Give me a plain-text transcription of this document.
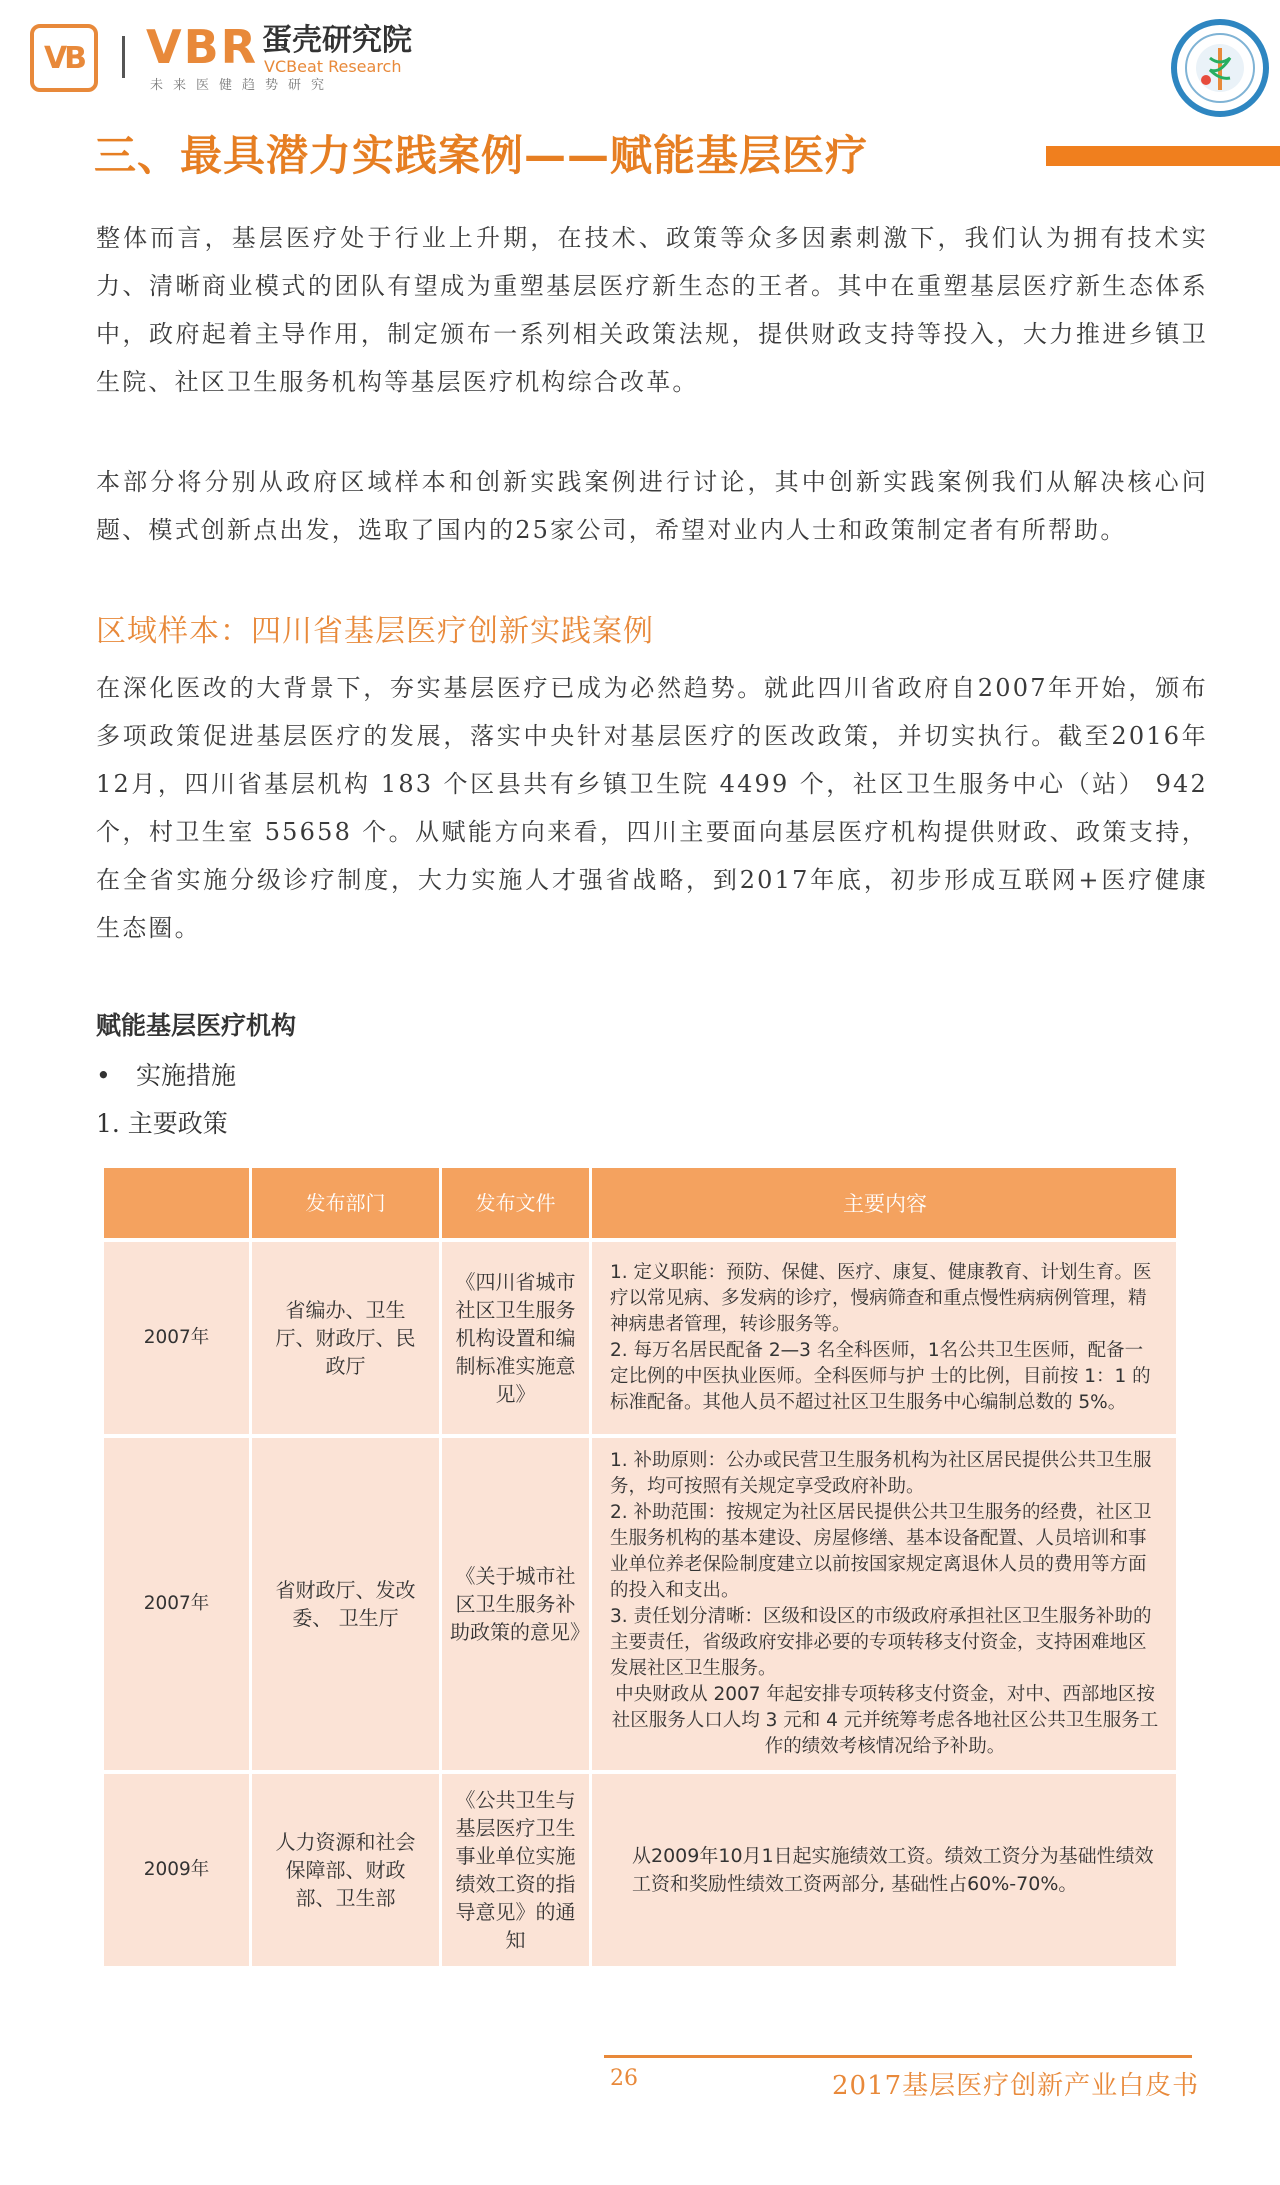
VB VBR 蛋壳研究院
VCBeat Research
未来医健趋势研究
三、最具潜力实践案例——赋能基层医疗

整体而言，基层医疗处于行业上升期，在技术、政策等众多因素刺激下，我们认为拥有技术实力、清晰商业模式的团队有望成为重塑基层医疗新生态的王者。其中在重塑基层医疗新生态体系中，政府起着主导作用，制定颁布一系列相关政策法规，提供财政支持等投入，大力推进乡镇卫生院、社区卫生服务机构等基层医疗机构综合改革。

本部分将分别从政府区域样本和创新实践案例进行讨论，其中创新实践案例我们从解决核心问题、模式创新点出发，选取了国内的25家公司，希望对业内人士和政策制定者有所帮助。

区域样本：四川省基层医疗创新实践案例

在深化医改的大背景下，夯实基层医疗已成为必然趋势。就此四川省政府自2007年开始，颁布多项政策促进基层医疗的发展，落实中央针对基层医疗的医改政策，并切实执行。截至2016年12月，四川省基层机构 183 个区县共有乡镇卫生院 4499 个，社区卫生服务中心（站） 942 个，村卫生室 55658 个。从赋能方向来看，四川主要面向基层医疗机构提供财政、政策支持，在全省实施分级诊疗制度，大力实施人才强省战略，到2017年底，初步形成互联网+医疗健康生态圈。

赋能基层医疗机构
• 实施措施
1. 主要政策
	发布部门	发布文件	主要内容
2007年	省编办、卫生厅、财政厅、民政厅	《四川省城市社区卫生服务机构设置和编制标准实施意见》	1. 定义职能：预防、保健、医疗、康复、健康教育、计划生育。医疗以常见病、多发病的诊疗，慢病筛查和重点慢性病病例管理，精神病患者管理，转诊服务等。
2. 每万名居民配备 2—3 名全科医师，1名公共卫生医师，配备一定比例的中医执业医师。全科医师与护 士的比例，目前按 1：1 的标准配备。其他人员不超过社区卫生服务中心编制总数的 5%。

2007年	省财政厅、发改委、 卫生厅	《关于城市社区卫生服务补助政策的意见》	1. 补助原则：公办或民营卫生服务机构为社区居民提供公共卫生服务，均可按照有关规定享受政府补助。
2. 补助范围：按规定为社区居民提供公共卫生服务的经费，社区卫生服务机构的基本建设、房屋修缮、基本设备配置、人员培训和事业单位养老保险制度建立以前按国家规定离退休人员的费用等方面的投入和支出。
3. 责任划分清晰：区级和设区的市级政府承担社区卫生服务补助的主要责任，省级政府安排必要的专项转移支付资金，支持困难地区发展社区卫生服务。
中央财政从 2007 年起安排专项转移支付资金，对中、西部地区按社区服务人口人均 3 元和 4 元并统筹考虑各地社区公共卫生服务工作的绩效考核情况给予补助。

2009年	人力资源和社会保障部、财政部、卫生部	《公共卫生与基层医疗卫生事业单位实施绩效工资的指导意见》的通知	从2009年10月1日起实施绩效工资。绩效工资分为基础性绩效工资和奖励性绩效工资两部分, 基础性占60%-70%。
26	2017基层医疗创新产业白皮书
